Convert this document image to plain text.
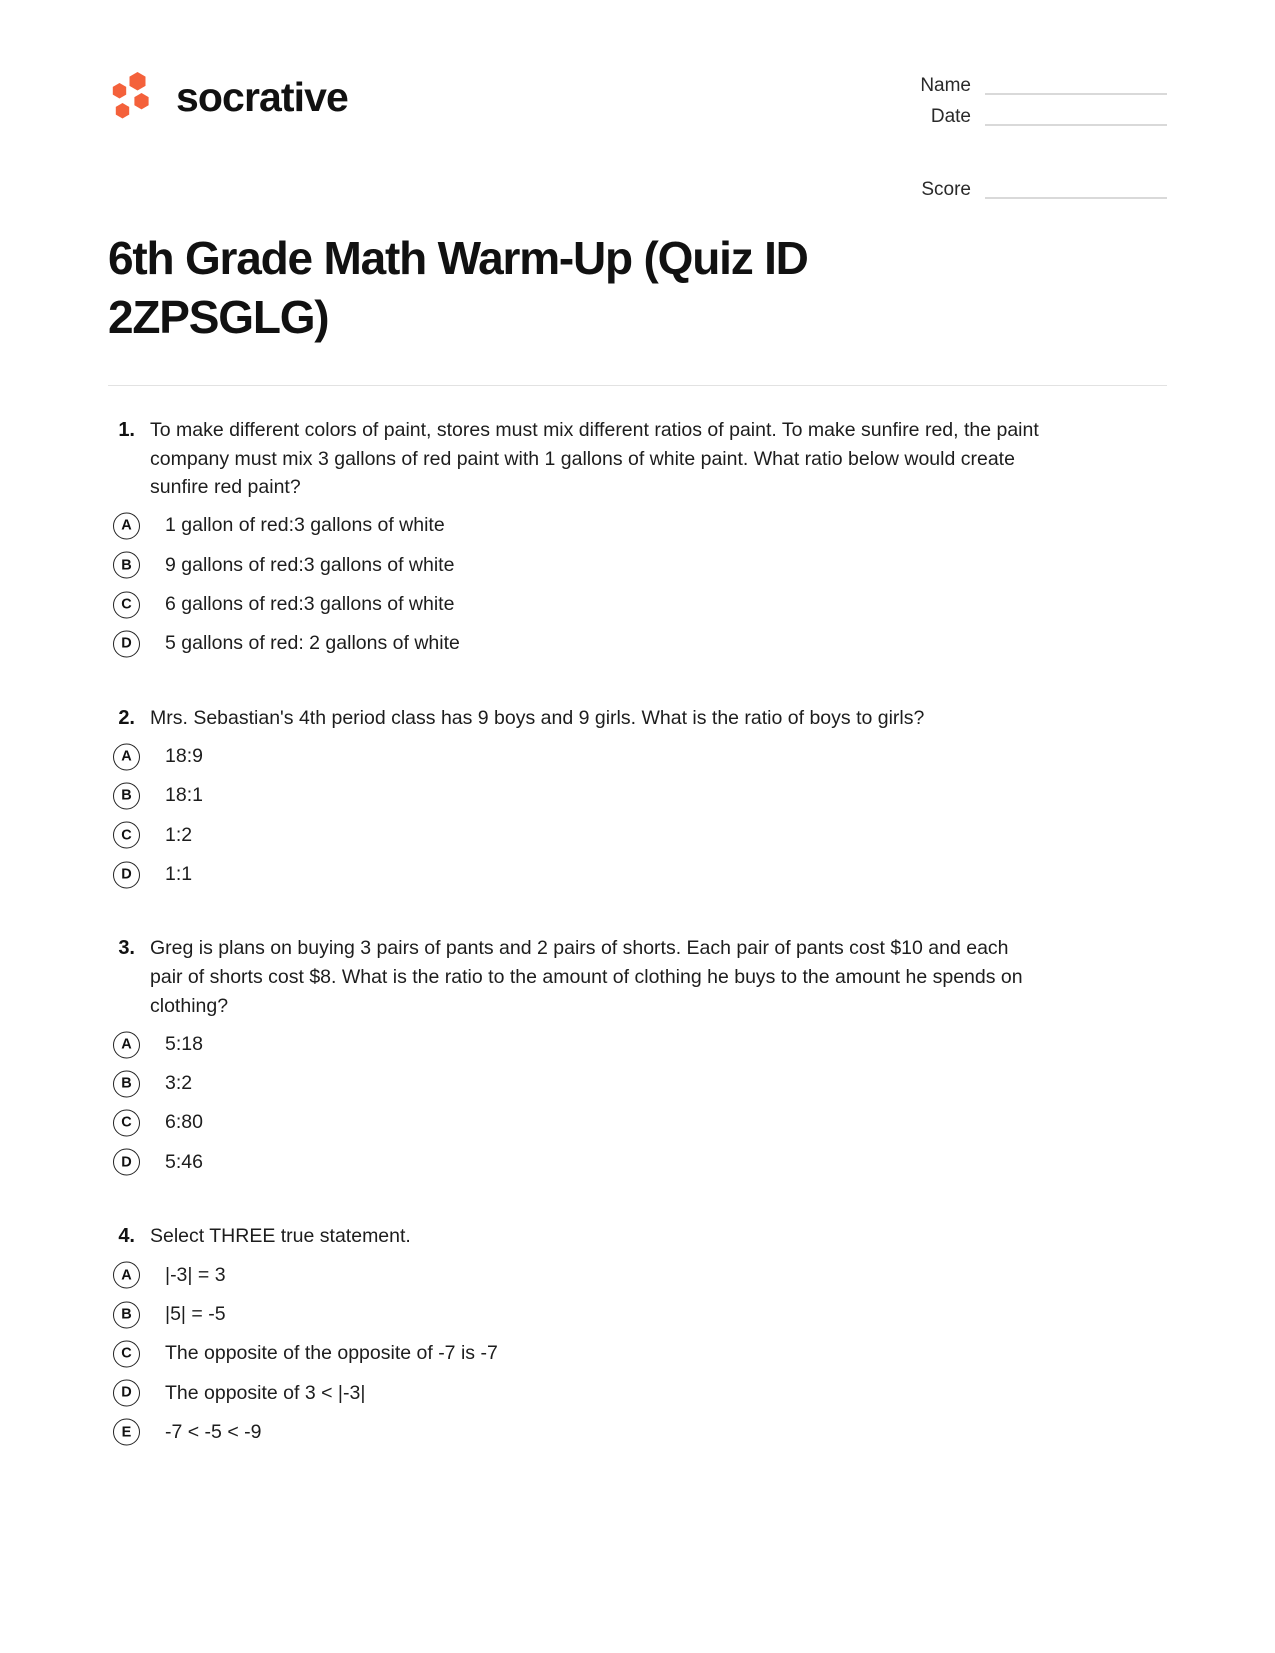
socrative	Name
Date
Score
6th Grade Math Warm-Up (Quiz ID 2ZPSGLG)
1. To make different colors of paint, stores must mix different ratios of paint. To make sunfire red, the paint company must mix 3 gallons of red paint with 1 gallons of white paint. What ratio below would create sunfire red paint?
A	1 gallon of red:3 gallons of white
B	9 gallons of red:3 gallons of white
C	6 gallons of red:3 gallons of white
D	5 gallons of red: 2 gallons of white
2. Mrs. Sebastian's 4th period class has 9 boys and 9 girls. What is the ratio of boys to girls?
A	18:9
B	18:1
C	1:2
D	1:1
3. Greg is plans on buying 3 pairs of pants and 2 pairs of shorts. Each pair of pants cost $10 and each pair of shorts cost $8. What is the ratio to the amount of clothing he buys to the amount he spends on clothing?
A	5:18
B	3:2
C	6:80
D	5:46
4. Select THREE true statement.
A	|-3| = 3
B	|5| = -5
C	The opposite of the opposite of -7 is -7
D	The opposite of 3 < |-3|
E	-7 < -5 < -9
